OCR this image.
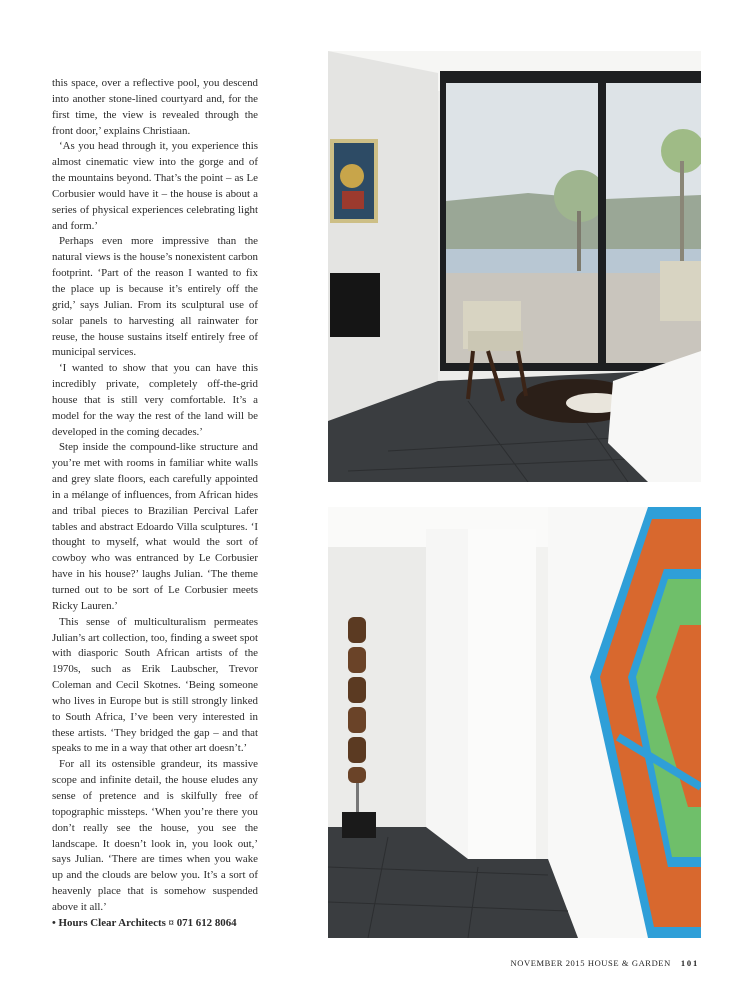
this space, over a reflective pool, you descend into another stone-lined courtyard and, for the first time, the view is revealed through the front door,’ explains Christiaan.

‘As you head through it, you experience this almost cinematic view into the gorge and of the mountains beyond. That’s the point – as Le Corbusier would have it – the house is about a series of physical experiences celebrating light and form.’

Perhaps even more impressive than the natural views is the house’s nonexistent carbon footprint. ‘Part of the reason I wanted to fix the place up is because it’s entirely off the grid,’ says Julian. From its sculptural use of solar panels to harvesting all rainwater for reuse, the house sustains itself entirely free of municipal services.

‘I wanted to show that you can have this incredibly private, completely off-the-grid house that is still very comfortable. It’s a model for the way the rest of the land will be developed in the coming decades.’

Step inside the compound-like structure and you’re met with rooms in familiar white walls and grey slate floors, each carefully appointed in a mélange of influences, from African hides and tribal pieces to Brazilian Percival Lafer tables and abstract Edoardo Villa sculptures. ‘I thought to myself, what would the sort of cowboy who was entranced by Le Corbusier have in his house?’ laughs Julian. ‘The theme turned out to be sort of Le Corbusier meets Ricky Lauren.’

This sense of multiculturalism permeates Julian’s art collection, too, finding a sweet spot with diasporic South African artists of the 1970s, such as Erik Laubscher, Trevor Coleman and Cecil Skotnes. ‘Being someone who lives in Europe but is still strongly linked to South Africa, I’ve been very interested in these artists. ‘They bridged the gap – and that speaks to me in a way that other art doesn’t.’

For all its ostensible grandeur, its massive scope and infinite detail, the house eludes any sense of pretence and is skilfully free of topographic missteps. ‘When you’re there you don’t really see the house, you see the landscape. It doesn’t look in, you look out,’ says Julian. ‘There are times when you wake up and the clouds are below you. It’s a sort of heavenly place that is somehow suspended above it all.’

• Hours Clear Architects ¤ 071 612 8064

NOVEMBER 2015 HOUSE & GARDEN 101
